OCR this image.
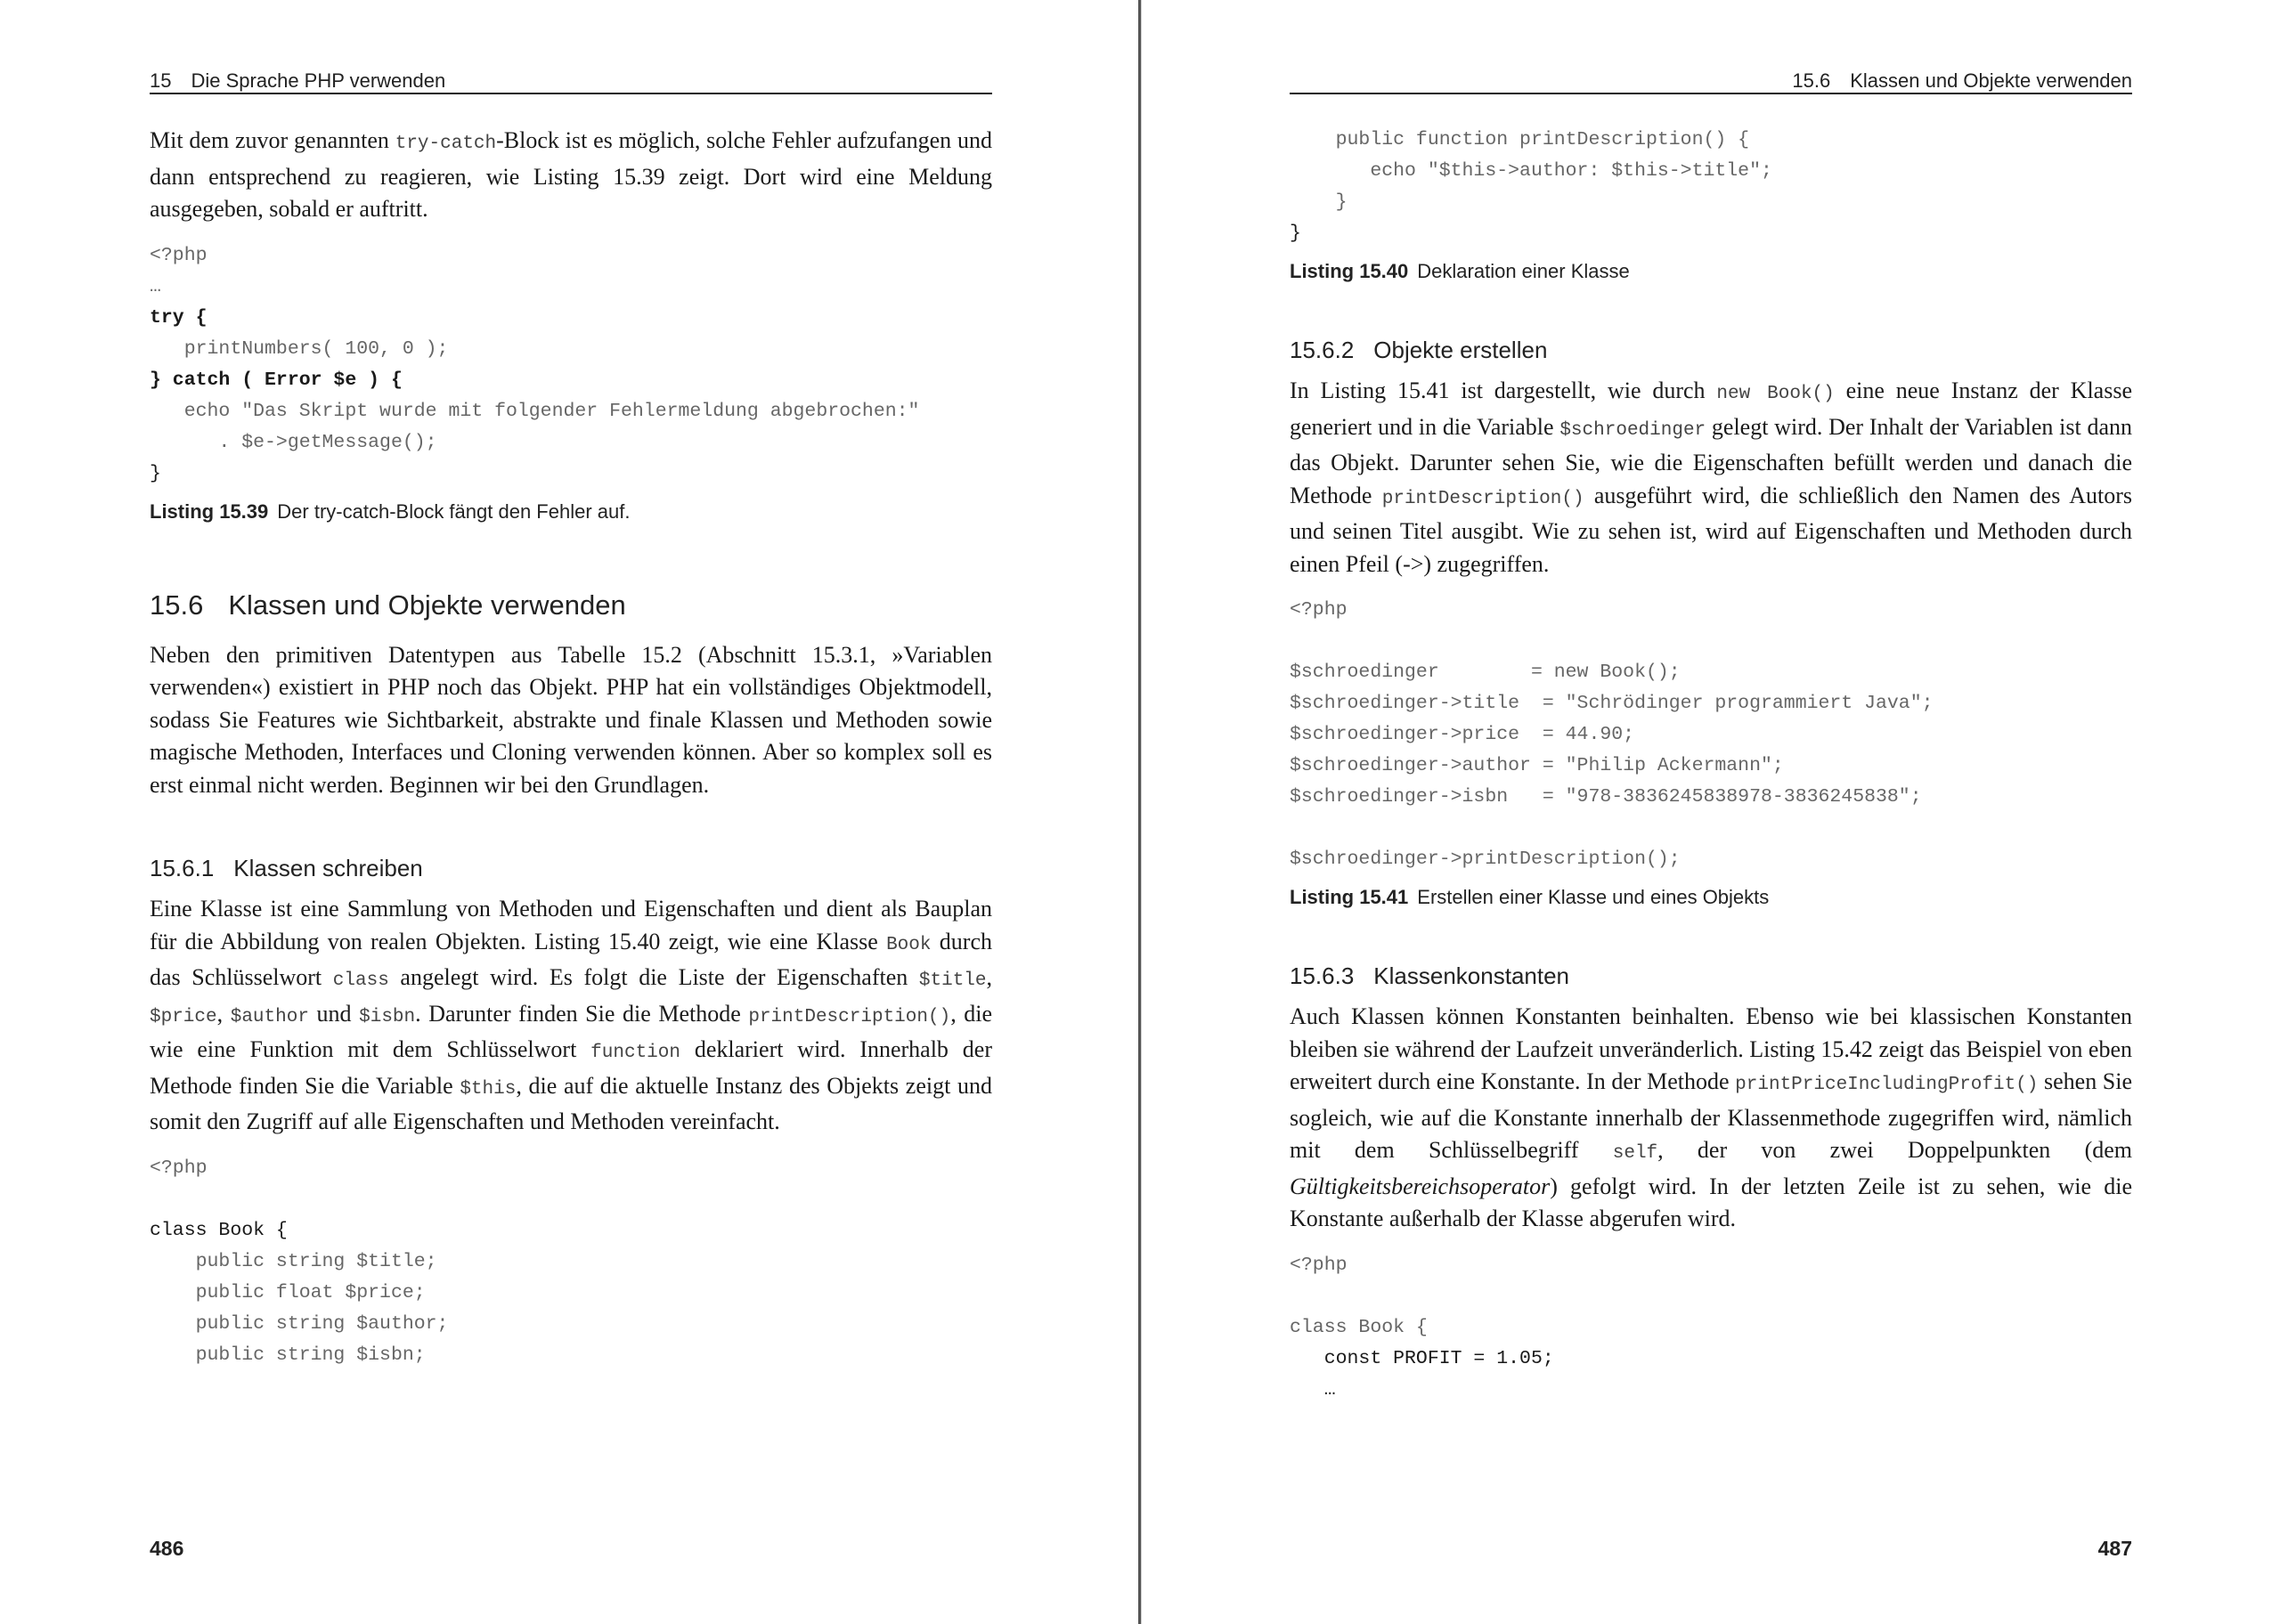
15 Die Sprache PHP verwenden

Mit dem zuvor genannten try-catch-Block ist es möglich, solche Fehler aufzufangen und dann entsprechend zu reagieren, wie Listing 15.39 zeigt. Dort wird eine Meldung ausgegeben, sobald er auftritt.

<?php
…
try {
printNumbers( 100, 0 );
} catch ( Error $e ) {
echo "Das Skript wurde mit folgender Fehlermeldung abgebrochen:"
. $e->getMessage();
}

Listing 15.39 Der try-catch-Block fängt den Fehler auf.

15.6 Klassen und Objekte verwenden

Neben den primitiven Datentypen aus Tabelle 15.2 (Abschnitt 15.3.1, »Variablen verwenden«) existiert in PHP noch das Objekt. PHP hat ein vollständiges Objektmodell, sodass Sie Features wie Sichtbarkeit, abstrakte und finale Klassen und Methoden sowie magische Methoden, Interfaces und Cloning verwenden können. Aber so komplex soll es erst einmal nicht werden. Beginnen wir bei den Grundlagen.

15.6.1 Klassen schreiben

Eine Klasse ist eine Sammlung von Methoden und Eigenschaften und dient als Bauplan für die Abbildung von realen Objekten. Listing 15.40 zeigt, wie eine Klasse Book durch das Schlüsselwort class angelegt wird. Es folgt die Liste der Eigenschaften $title, $price, $author und $isbn. Darunter finden Sie die Methode printDescription(), die wie eine Funktion mit dem Schlüsselwort function deklariert wird. Innerhalb der Methode finden Sie die Variable $this, die auf die aktuelle Instanz des Objekts zeigt und somit den Zugriff auf alle Eigenschaften und Methoden vereinfacht.

<?php
class Book {
public string $title;
public float $price;
public string $author;
public string $isbn;
486
15.6 Klassen und Objekte verwenden
public function printDescription() {
echo "$this->author: $this->title";
}
}

Listing 15.40 Deklaration einer Klasse

15.6.2 Objekte erstellen

In Listing 15.41 ist dargestellt, wie durch new Book() eine neue Instanz der Klasse generiert und in die Variable $schroedinger gelegt wird. Der Inhalt der Variablen ist dann das Objekt. Darunter sehen Sie, wie die Eigenschaften befüllt werden und danach die Methode printDescription() ausgeführt wird, die schließlich den Namen des Autors und seinen Titel ausgibt. Wie zu sehen ist, wird auf Eigenschaften und Methoden durch einen Pfeil (->) zugegriffen.

<?php
$schroedinger        = new Book();
$schroedinger->title  = "Schrödinger programmiert Java";
$schroedinger->price  = 44.90;
$schroedinger->author = "Philip Ackermann";
$schroedinger->isbn   = "978-3836245838978-3836245838";
$schroedinger->printDescription();

Listing 15.41 Erstellen einer Klasse und eines Objekts

15.6.3 Klassenkonstanten

Auch Klassen können Konstanten beinhalten. Ebenso wie bei klassischen Konstanten bleiben sie während der Laufzeit unveränderlich. Listing 15.42 zeigt das Beispiel von eben erweitert durch eine Konstante. In der Methode printPriceIncludingProfit() sehen Sie sogleich, wie auf die Konstante innerhalb der Klassenmethode zugegriffen wird, nämlich mit dem Schlüsselbegriff self, der von zwei Doppelpunkten (dem Gültigkeitsbereichsoperator) gefolgt wird. In der letzten Zeile ist zu sehen, wie die Konstante außerhalb der Klasse abgerufen wird.

<?php
class Book {
const PROFIT = 1.05;
…
487
